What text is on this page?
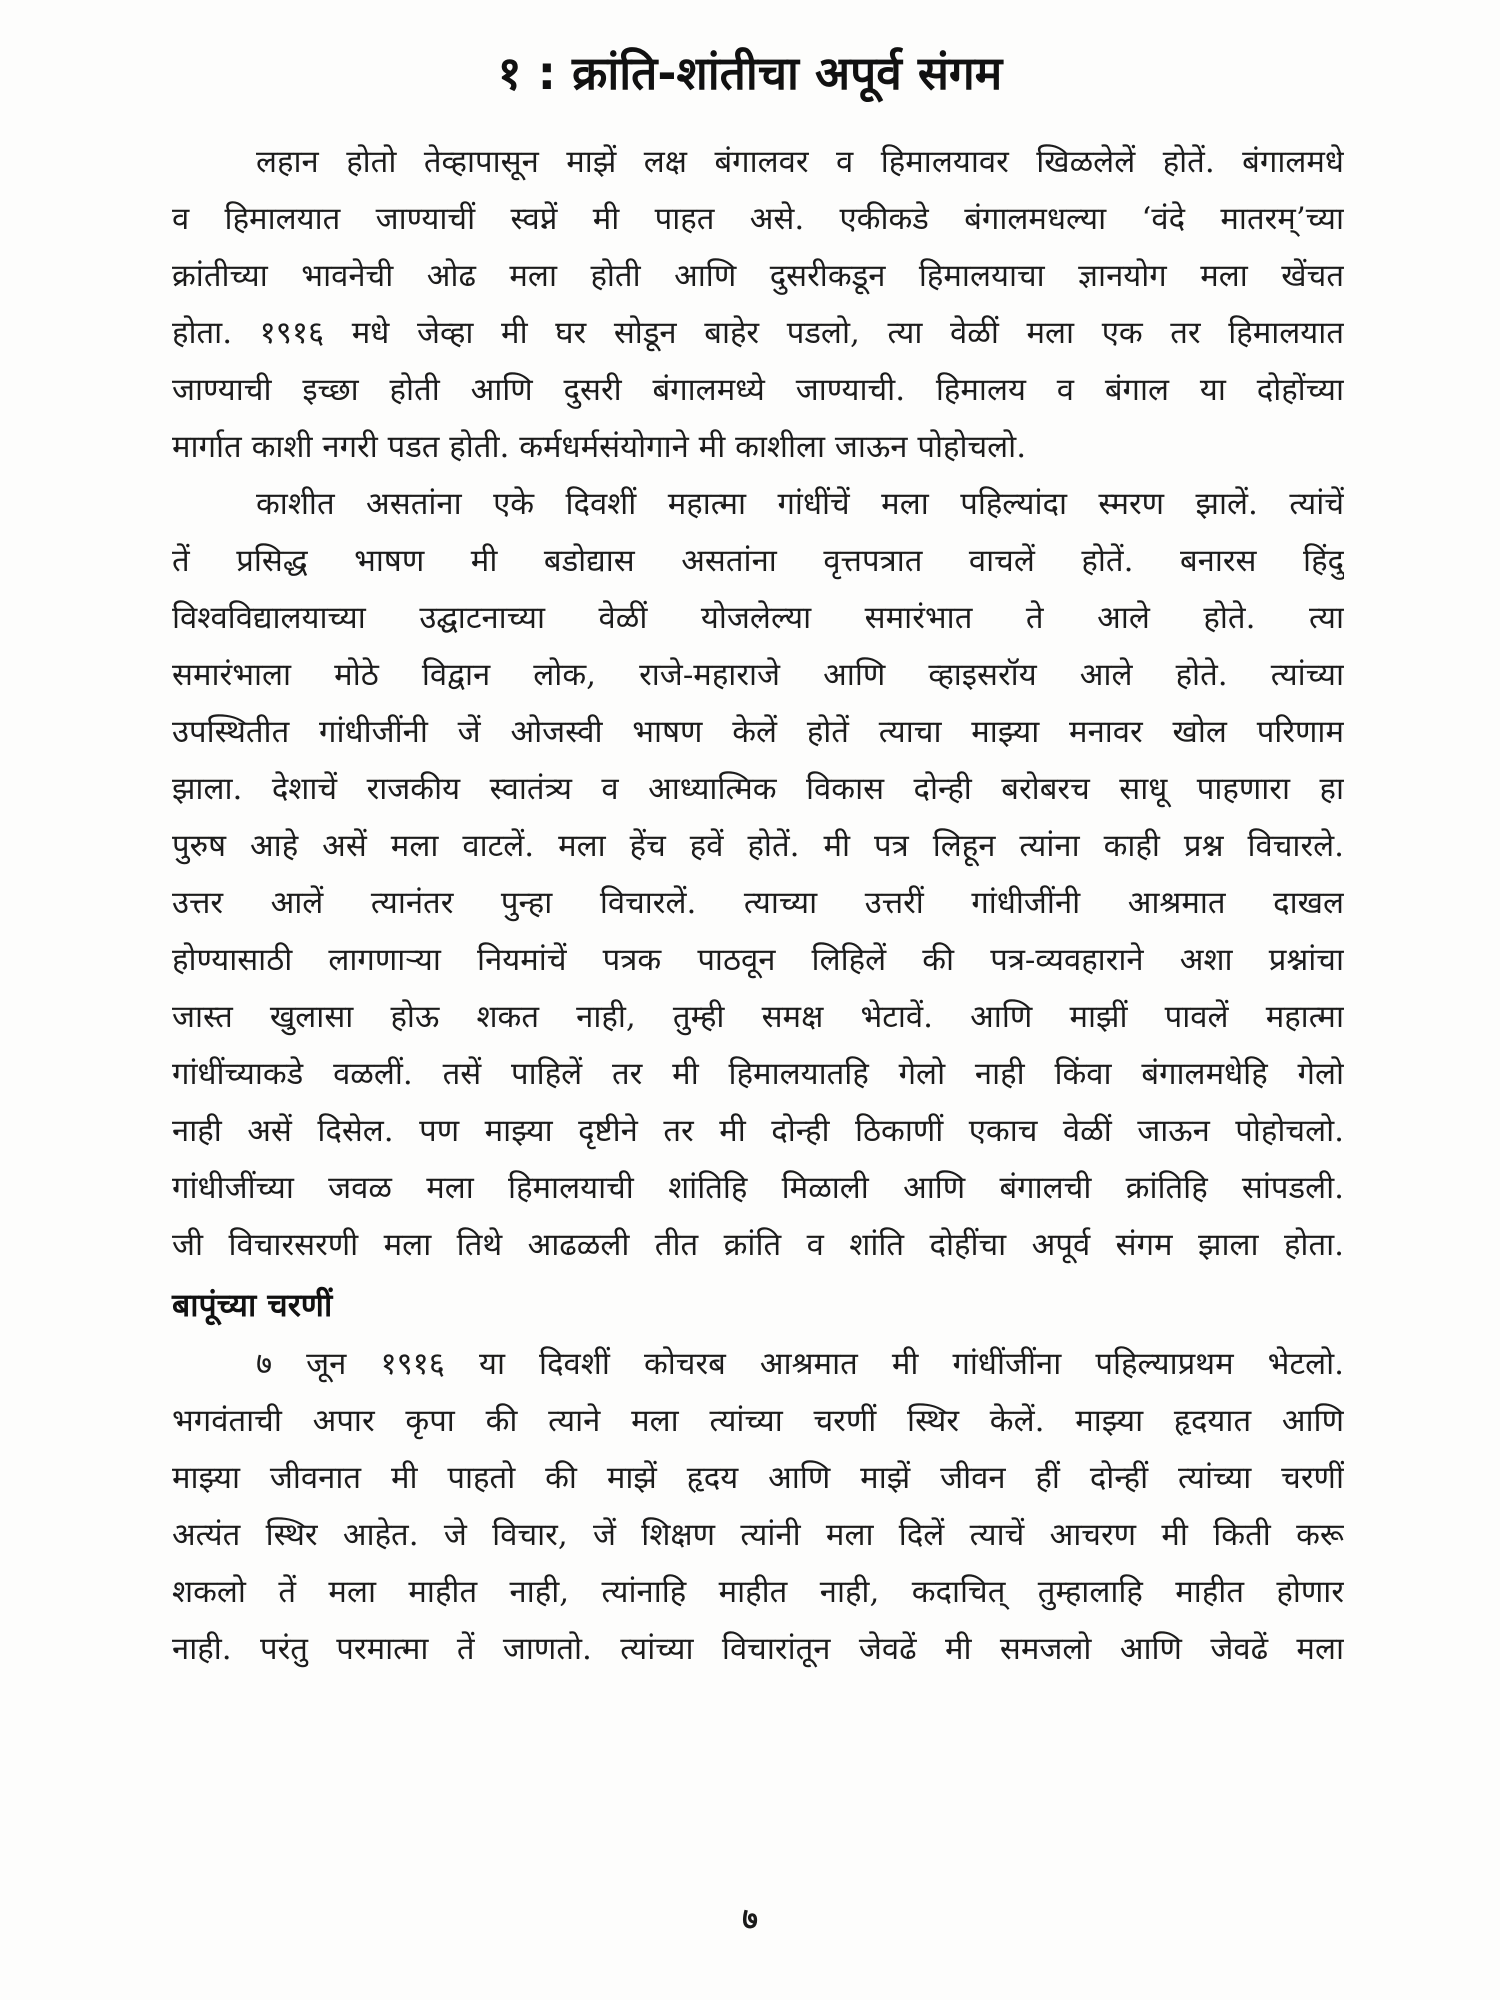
१ : क्रांति-शांतीचा अपूर्व संगम
लहान होतो तेव्हापासून माझें लक्ष बंगालवर व हिमालयावर खिळलेलें होतें. बंगालमधे
व हिमालयात जाण्याचीं स्वप्नें मी पाहत असे. एकीकडे बंगालमधल्या ‘वंदे मातरम्’च्या
क्रांतीच्या भावनेची ओढ मला होती आणि दुसरीकडून हिमालयाचा ज्ञानयोग मला खेंचत
होता. १९१६ मधे जेव्हा मी घर सोडून बाहेर पडलो, त्या वेळीं मला एक तर हिमालयात
जाण्याची इच्छा होती आणि दुसरी बंगालमध्ये जाण्याची. हिमालय व बंगाल या दोहोंच्या
मार्गात काशी नगरी पडत होती. कर्मधर्मसंयोगाने मी काशीला जाऊन पोहोचलो.
काशीत असतांना एके दिवशीं महात्मा गांधींचें मला पहिल्यांदा स्मरण झालें. त्यांचें
तें प्रसिद्ध भाषण मी बडोद्यास असतांना वृत्तपत्रात वाचलें होतें. बनारस हिंदु
विश्वविद्यालयाच्या उद्घाटनाच्या वेळीं योजलेल्या समारंभात ते आले होते. त्या
समारंभाला मोठे विद्वान लोक, राजे-महाराजे आणि व्हाइसरॉय आले होते. त्यांच्या
उपस्थितीत गांधीजींनी जें ओजस्वी भाषण केलें होतें त्याचा माझ्या मनावर खोल परिणाम
झाला. देशाचें राजकीय स्वातंत्र्य व आध्यात्मिक विकास दोन्ही बरोबरच साधू पाहणारा हा
पुरुष आहे असें मला वाटलें. मला हेंच हवें होतें. मी पत्र लिहून त्यांना काही प्रश्न विचारले.
उत्तर आलें त्यानंतर पुन्हा विचारलें. त्याच्या उत्तरीं गांधीजींनी आश्रमात दाखल
होण्यासाठी लागणाऱ्या नियमांचें पत्रक पाठवून लिहिलें की पत्र-व्यवहाराने अशा प्रश्नांचा
जास्त खुलासा होऊ शकत नाही, तुम्ही समक्ष भेटावें. आणि माझीं पावलें महात्मा
गांधींच्याकडे वळलीं. तसें पाहिलें तर मी हिमालयातहि गेलो नाही किंवा बंगालमधेहि गेलो
नाही असें दिसेल. पण माझ्या दृष्टीने तर मी दोन्ही ठिकाणीं एकाच वेळीं जाऊन पोहोचलो.
गांधीजींच्या जवळ मला हिमालयाची शांतिहि मिळाली आणि बंगालची क्रांतिहि सांपडली.
जी विचारसरणी मला तिथे आढळली तीत क्रांति व शांति दोहींचा अपूर्व संगम झाला होता.
बापूंच्या चरणीं
७ जून १९१६ या दिवशीं कोचरब आश्रमात मी गांधींजींना पहिल्याप्रथम भेटलो.
भगवंताची अपार कृपा की त्याने मला त्यांच्या चरणीं स्थिर केलें. माझ्या हृदयात आणि
माझ्या जीवनात मी पाहतो की माझें हृदय आणि माझें जीवन हीं दोन्हीं त्यांच्या चरणीं
अत्यंत स्थिर आहेत. जे विचार, जें शिक्षण त्यांनी मला दिलें त्याचें आचरण मी किती करू
शकलो तें मला माहीत नाही, त्यांनाहि माहीत नाही, कदाचित् तुम्हालाहि माहीत होणार
नाही. परंतु परमात्मा तें जाणतो. त्यांच्या विचारांतून जेवढें मी समजलो आणि जेवढें मला
७
